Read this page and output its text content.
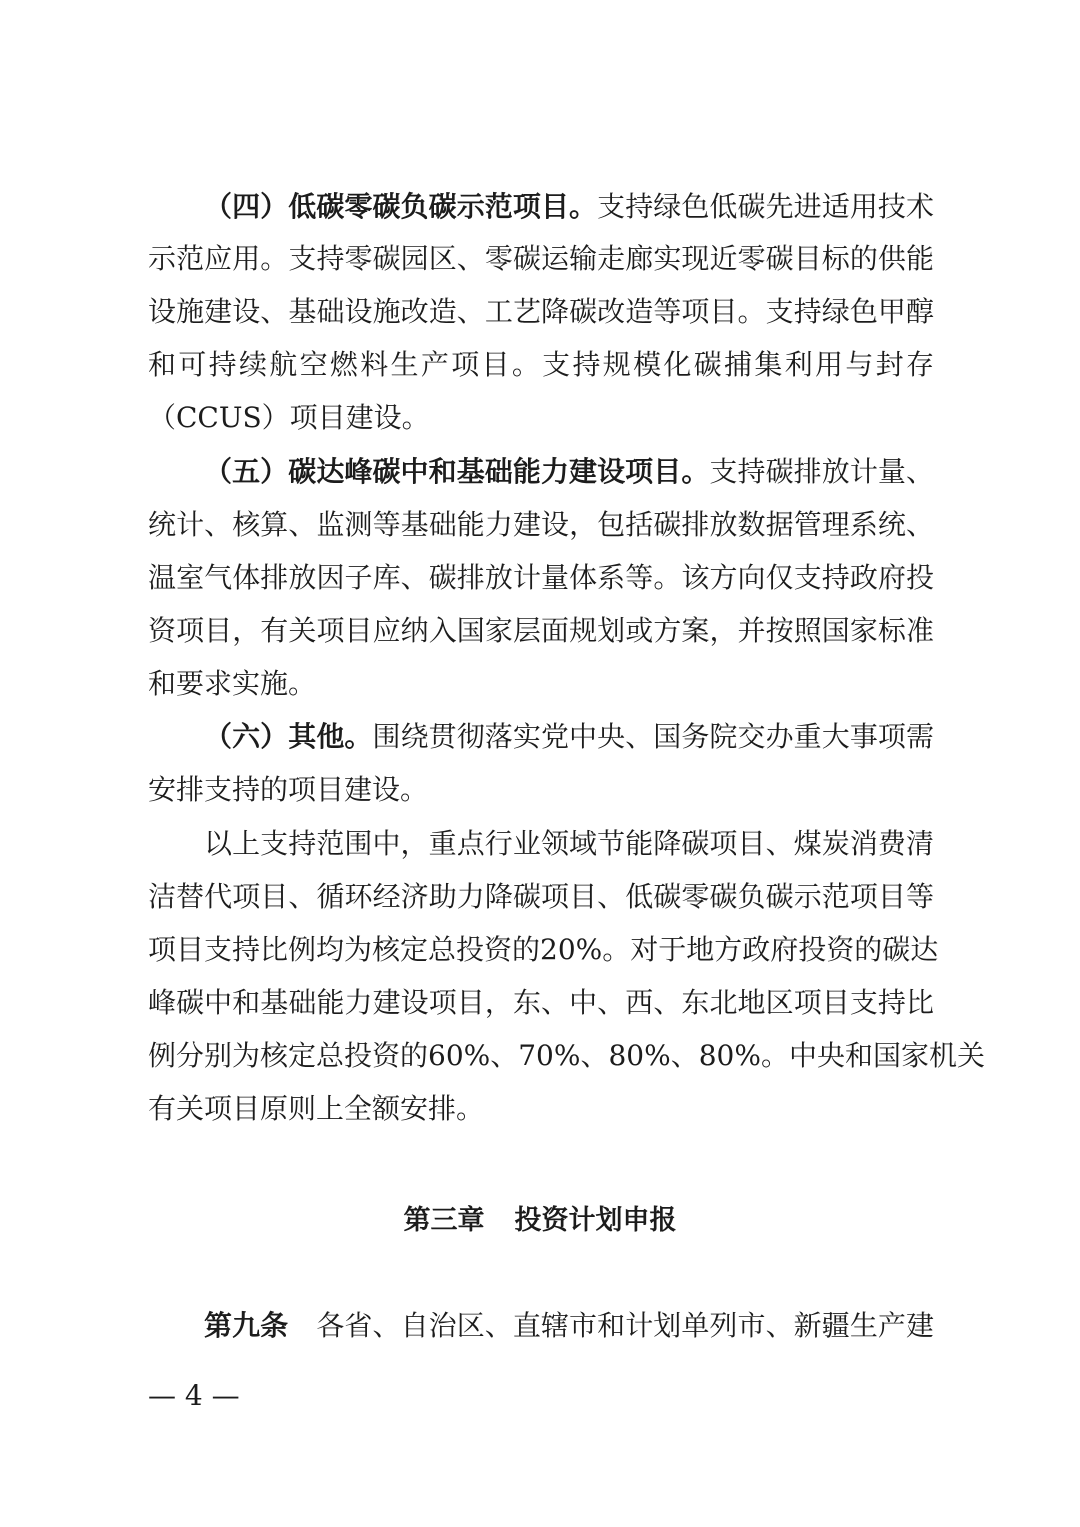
（四）低碳零碳负碳示范项目。支持绿色低碳先进适用技术
示范应用。支持零碳园区、零碳运输走廊实现近零碳目标的供能
设施建设、基础设施改造、工艺降碳改造等项目。支持绿色甲醇
和可持续航空燃料生产项目。支持规模化碳捕集利用与封存
（CCUS）项目建设。
（五）碳达峰碳中和基础能力建设项目。支持碳排放计量、
统计、核算、监测等基础能力建设，包括碳排放数据管理系统、
温室气体排放因子库、碳排放计量体系等。该方向仅支持政府投
资项目，有关项目应纳入国家层面规划或方案，并按照国家标准
和要求实施。
（六）其他。围绕贯彻落实党中央、国务院交办重大事项需
安排支持的项目建设。
以上支持范围中，重点行业领域节能降碳项目、煤炭消费清
洁替代项目、循环经济助力降碳项目、低碳零碳负碳示范项目等
项目支持比例均为核定总投资的20%。对于地方政府投资的碳达
峰碳中和基础能力建设项目，东、中、西、东北地区项目支持比
例分别为核定总投资的60%、70%、80%、80%。中央和国家机关
有关项目原则上全额安排。
第三章 投资计划申报
第九条 各省、自治区、直辖市和计划单列市、新疆生产建
— 4 —
